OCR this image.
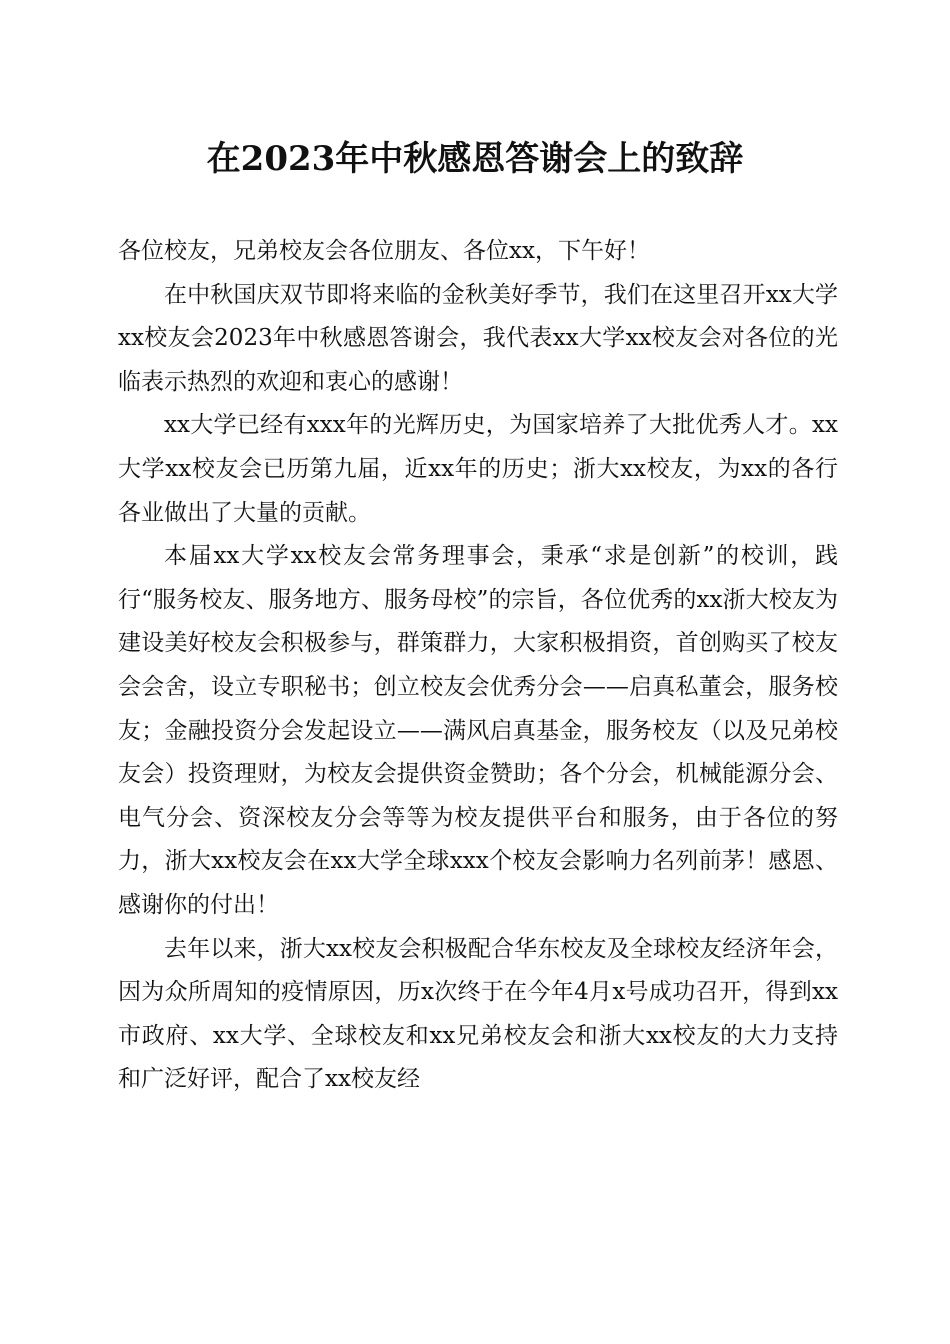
在2023年中秋感恩答谢会上的致辞

各位校友，兄弟校友会各位朋友、各位xx，下午好！

在中秋国庆双节即将来临的金秋美好季节，我们在这里召开xx大学xx校友会2023年中秋感恩答谢会，我代表xx大学xx校友会对各位的光临表示热烈的欢迎和衷心的感谢！

xx大学已经有xxx年的光辉历史，为国家培养了大批优秀人才。xx大学xx校友会已历第九届，近xx年的历史；浙大xx校友，为xx的各行各业做出了大量的贡献。

本届xx大学xx校友会常务理事会，秉承“求是创新”的校训，践行“服务校友、服务地方、服务母校”的宗旨，各位优秀的xx浙大校友为建设美好校友会积极参与，群策群力，大家积极捐资，首创购买了校友会会舍，设立专职秘书；创立校友会优秀分会——启真私董会，服务校友；金融投资分会发起设立——满风启真基金，服务校友（以及兄弟校友会）投资理财，为校友会提供资金赞助；各个分会，机械能源分会、电气分会、资深校友分会等等为校友提供平台和服务，由于各位的努力，浙大xx校友会在xx大学全球xxx个校友会影响力名列前茅！感恩、感谢你的付出！

去年以来，浙大xx校友会积极配合华东校友及全球校友经济年会，因为众所周知的疫情原因，历x次终于在今年4月x号成功召开，得到xx市政府、xx大学、全球校友和xx兄弟校友会和浙大xx校友的大力支持和广泛好评，配合了xx校友经
